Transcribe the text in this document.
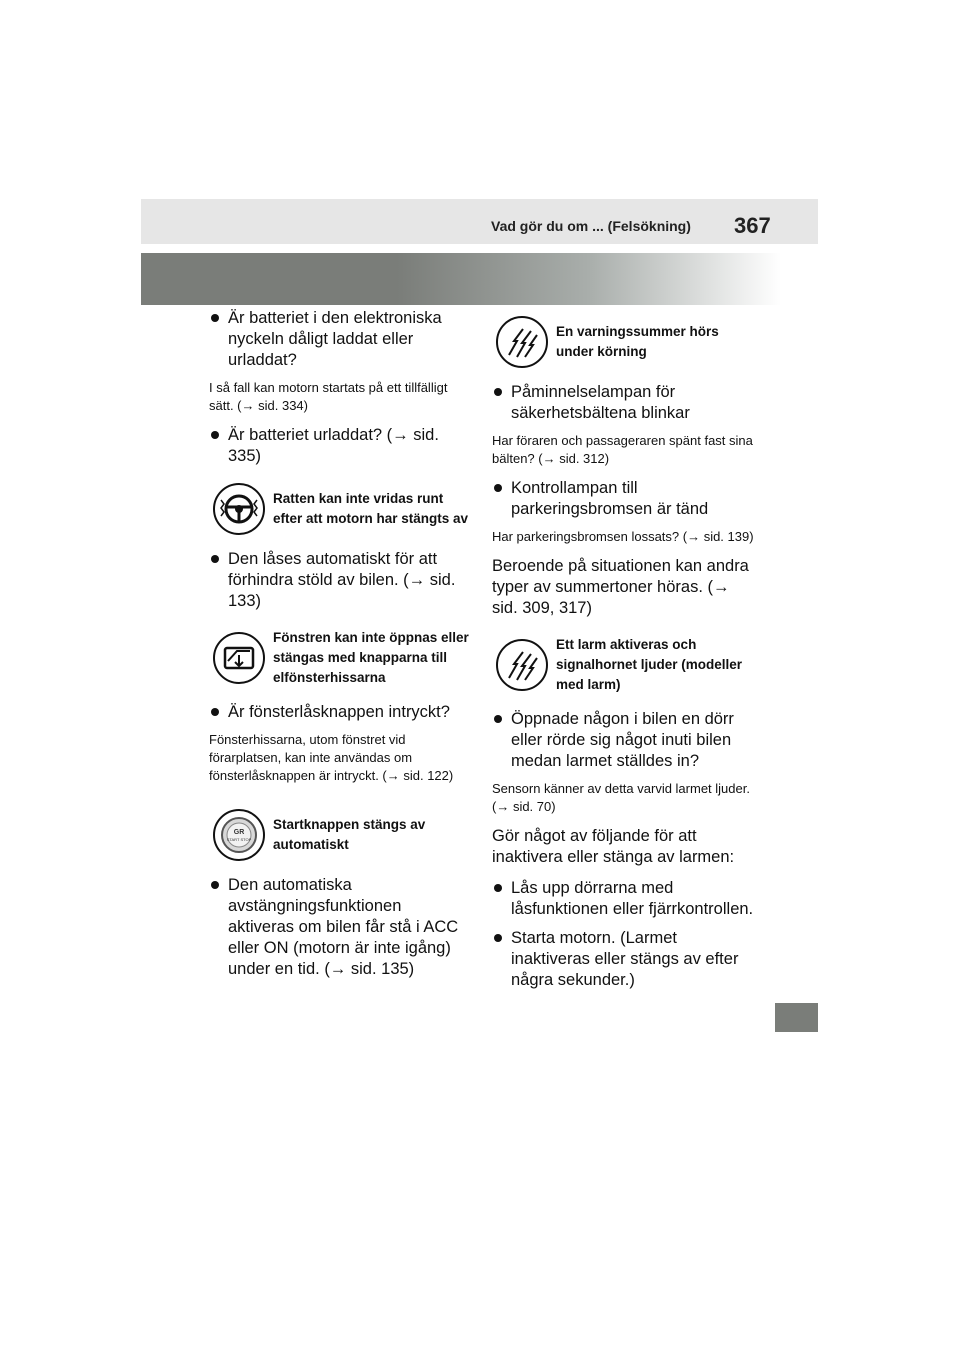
Vad gör du om ... (Felsökning) 367
Är batteriet i den elektroniska nyckeln dåligt laddat eller urladdat?
I så fall kan motorn startats på ett tillfälligt sätt. (→ sid. 334)
Är batteriet urladdat? (→ sid. 335)
Ratten kan inte vridas runt efter att motorn har stängts av
Den låses automatiskt för att förhindra stöld av bilen. (→ sid. 133)
Fönstren kan inte öppnas eller stängas med knapparna till elfönsterhissarna
Är fönsterlåsknappen intryckt?
Fönsterhissarna, utom fönstret vid förarplatsen, kan inte användas om fönsterlåsknappen är intryckt. (→ sid. 122)
GR
START STOP
Startknappen stängs av automatiskt
Den automatiska avstängningsfunktionen aktiveras om bilen får stå i ACC eller ON (motorn är inte igång) under en tid. (→ sid. 135)
En varningssummer hörs under körning
Påminnelselampan för säkerhetsbältena blinkar
Har föraren och passageraren spänt fast sina bälten? (→ sid. 312)
Kontrollampan till parkeringsbromsen är tänd
Har parkeringsbromsen lossats? (→ sid. 139)
Beroende på situationen kan andra typer av summertoner höras. (→ sid. 309, 317)
Ett larm aktiveras och signalhornet ljuder (modeller med larm)
Öppnade någon i bilen en dörr eller rörde sig något inuti bilen medan larmet ställdes in?
Sensorn känner av detta varvid larmet ljuder. (→ sid. 70)
Gör något av följande för att inaktivera eller stänga av larmen:
Lås upp dörrarna med låsfunktionen eller fjärrkontrollen.
Starta motorn. (Larmet inaktiveras eller stängs av efter några sekunder.)
